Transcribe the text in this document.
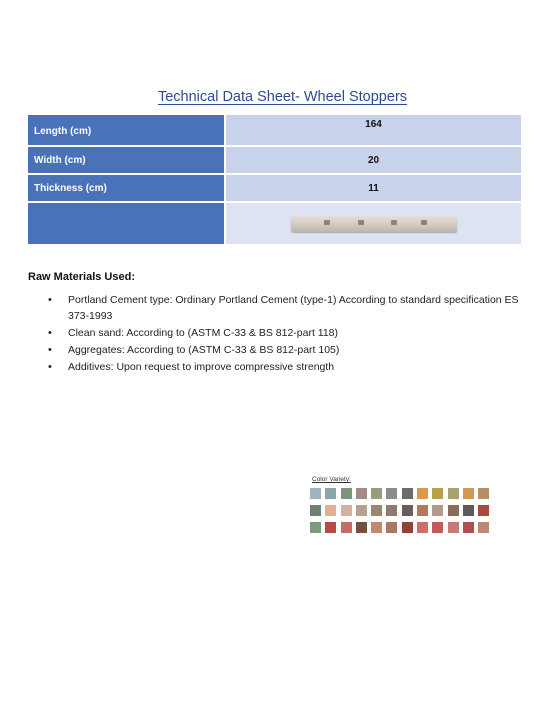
Technical Data Sheet- Wheel Stoppers
Length (cm)	164
Width (cm)	20
Thickness (cm)	11

Raw Materials Used:
• Portland Cement type: Ordinary Portland Cement (type-1) According to standard specification ES 373-1993
• Clean sand: According to (ASTM C-33 & BS 812-part 118)
• Aggregates: According to (ASTM C-33 & BS 812-part 105)
• Additives: Upon request to improve compressive strength
Color Variety:
